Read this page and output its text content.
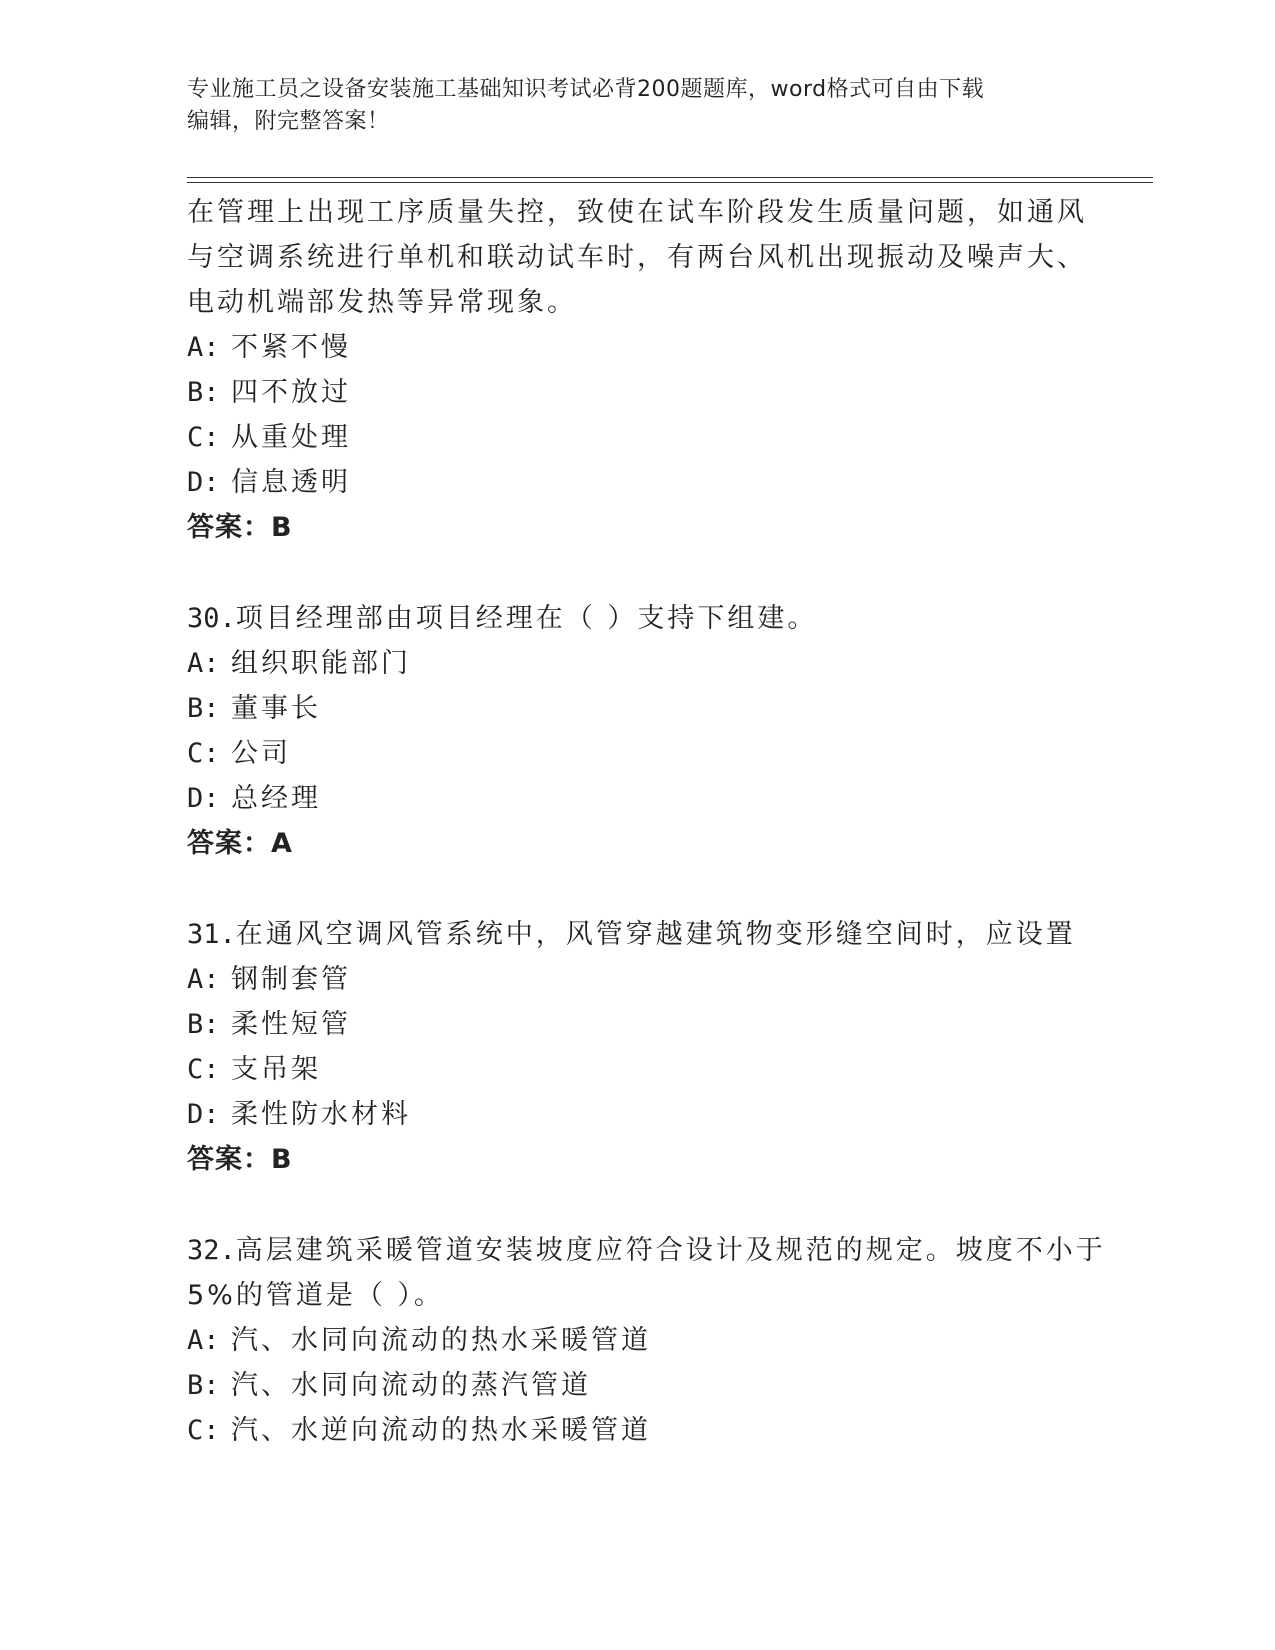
专业施工员之设备安装施工基础知识考试必背200题题库，word格式可自由下载
编辑，附完整答案！
在管理上出现工序质量失控，致使在试车阶段发生质量问题，如通风
与空调系统进行单机和联动试车时，有两台风机出现振动及噪声大、
电动机端部发热等异常现象。
A: 不紧不慢
B: 四不放过
C: 从重处理
D: 信息透明
答案：B
30.项目经理部由项目经理在（ ）支持下组建。
A: 组织职能部门
B: 董事长
C: 公司
D: 总经理
答案：A
31.在通风空调风管系统中，风管穿越建筑物变形缝空间时，应设置
A: 钢制套管
B: 柔性短管
C: 支吊架
D: 柔性防水材料
答案：B
32.高层建筑采暖管道安装坡度应符合设计及规范的规定。坡度不小于
5%的管道是（ ）。
A: 汽、水同向流动的热水采暖管道
B: 汽、水同向流动的蒸汽管道
C: 汽、水逆向流动的热水采暖管道
